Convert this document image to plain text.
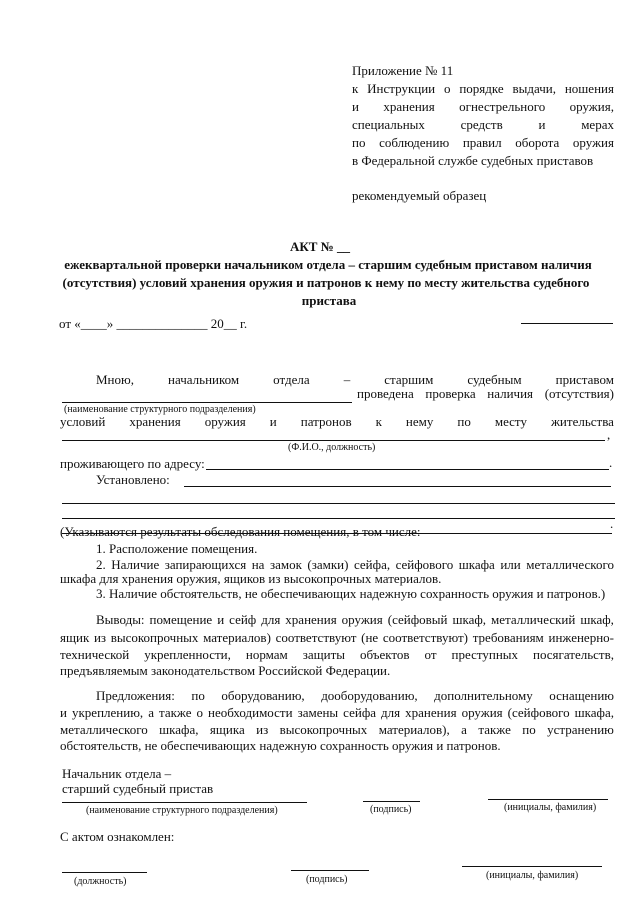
Приложение № 11
к Инструкции о порядке выдачи, ношения
и хранения огнестрельного оружия,
специальных	средств	и	мерах
по соблюдению правил оборота оружия
в Федеральной службе судебных приставов
рекомендуемый образец
АКТ № __
ежеквартальной проверки начальником отдела – старшим судебным приставом наличия
(отсутствия) условий хранения оружия и патронов к нему по месту жительства судебного
пристава
от «____» ______________ 20__ г.
Мною,	начальником	отдела	–	старшим	судебным	приставом
проведена проверка наличия (отсутствия)
(наименование структурного подразделения)
условий хранения оружия и патронов к нему по месту жительства
,
(Ф.И.О., должность)
проживающего по адресу:	.
Установлено:
.
(Указываются результаты обследования помещения, в том числе:
1. Расположение помещения.
2. Наличие запирающихся на замок (замки) сейфа, сейфового шкафа или металлического
шкафа для хранения оружия, ящиков из высокопрочных материалов.
3. Наличие обстоятельств, не обеспечивающих надежную сохранность оружия и патронов.)
Выводы: помещение и сейф для хранения оружия (сейфовый шкаф, металлический шкаф,
ящик из высокопрочных материалов) соответствуют (не соответствуют) требованиям инженерно-
технической укрепленности, нормам защиты объектов от преступных посягательств,
предъявляемым законодательством Российской Федерации.
Предложения: по оборудованию, дооборудованию, дополнительному оснащению
и укреплению, а также о необходимости замены сейфа для хранения оружия (сейфового шкафа,
металлического шкафа, ящика из высокопрочных материалов), а также по устранению
обстоятельств, не обеспечивающих надежную сохранность оружия и патронов.
Начальник отдела –
старший судебный пристав
(наименование структурного подразделения)	(подпись)	(инициалы, фамилия)
С актом ознакомлен:
(должность)	(подпись)	(инициалы, фамилия)
